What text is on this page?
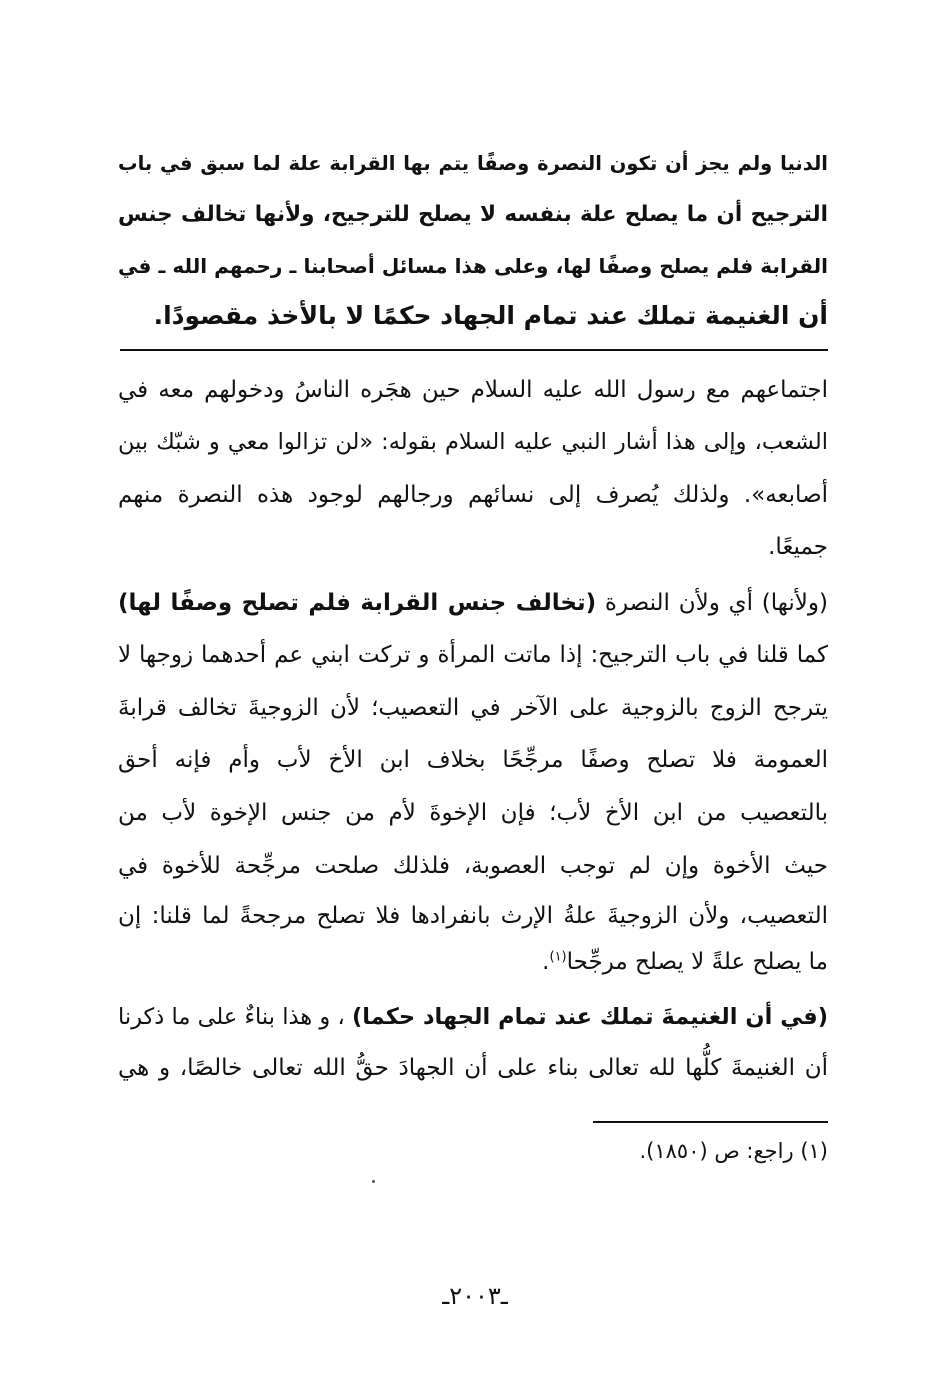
الدنيا ولم يجز أن تكون النصرة وصفًا يتم بها القرابة علة لما سبق في باب
الترجيح أن ما يصلح علة بنفسه لا يصلح للترجيح، ولأنها تخالف جنس
القرابة فلم يصلح وصفًا لها، وعلى هذا مسائل أصحابنا ـ رحمهم الله ـ في
أن الغنيمة تملك عند تمام الجهاد حكمًا لا بالأخذ مقصودًا.
اجتماعهم مع رسول الله عليه السلام حين هجَره الناسُ ودخولهم معه في
الشعب، وإلى هذا أشار النبي عليه السلام بقوله: «لن تزالوا معي و شبّك بين
أصابعه». ولذلك يُصرف إلى نسائهم ورجالهم لوجود هذه النصرة منهم
جميعًا.
(ولأنها) أي ولأن النصرة (تخالف جنس القرابة فلم تصلح وصفًا لها)
كما قلنا في باب الترجيح: إذا ماتت المرأة و تركت ابني عم أحدهما زوجها لا
يترجح الزوج بالزوجية على الآخر في التعصيب؛ لأن الزوجيةَ تخالف قرابةَ
العمومة فلا تصلح وصفًا مرجِّحًا بخلاف ابن الأخ لأب وأم فإنه أحق
بالتعصيب من ابن الأخ لأب؛ فإن الإخوةَ لأم من جنس الإخوة لأب من
حيث الأخوة وإن لم توجب العصوبة، فلذلك صلحت مرجِّحة للأخوة في
التعصيب، ولأن الزوجيةَ علةُ الإرث بانفرادها فلا تصلح مرجحةً لما قلنا: إن
ما يصلح علةً لا يصلح مرجِّحا$^{(١)}$.
(في أن الغنيمةَ تملك عند تمام الجهاد حكما) ، و هذا بناءٌ على ما ذكرنا
أن الغنيمةَ كلُّها لله تعالى بناء على أن الجهادَ حقُّ الله تعالى خالصًا، و هي
(١) راجع: ص (١٨٥٠).
ـ٢٠٠٣ـ
